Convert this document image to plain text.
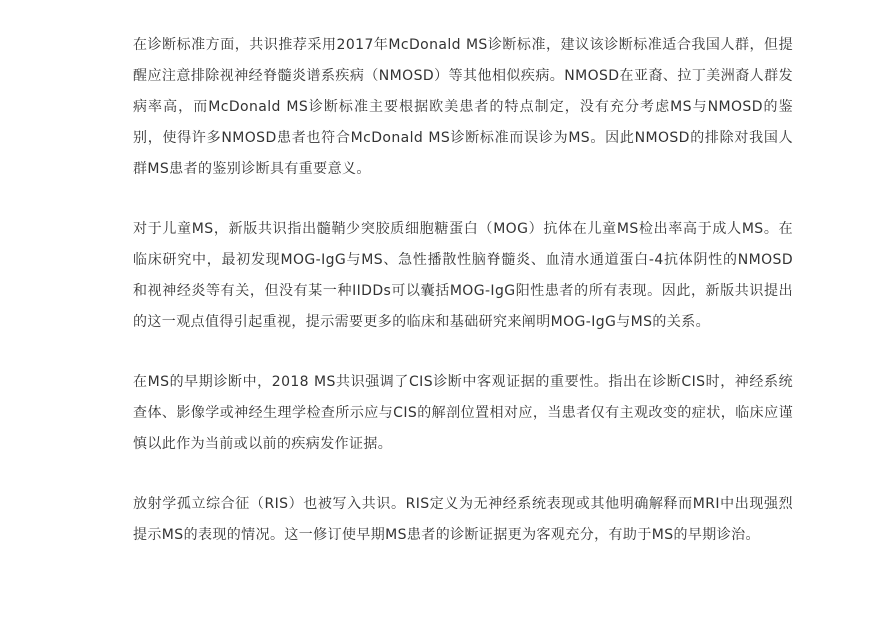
在诊断标准方面，共识推荐采用2017年McDonald MS诊断标准，建议该诊断标准适合我国人群，但提醒应注意排除视神经脊髓炎谱系疾病（NMOSD）等其他相似疾病。NMOSD在亚裔、拉丁美洲裔人群发病率高，而McDonald MS诊断标准主要根据欧美患者的特点制定，没有充分考虑MS与NMOSD的鉴别，使得许多NMOSD患者也符合McDonald MS诊断标准而误诊为MS。因此NMOSD的排除对我国人群MS患者的鉴别诊断具有重要意义。

对于儿童MS，新版共识指出髓鞘少突胶质细胞糖蛋白（MOG）抗体在儿童MS检出率高于成人MS。在临床研究中，最初发现MOG-IgG与MS、急性播散性脑脊髓炎、血清水通道蛋白-4抗体阴性的NMOSD和视神经炎等有关，但没有某一种IIDDs可以囊括MOG-IgG阳性患者的所有表现。因此，新版共识提出的这一观点值得引起重视，提示需要更多的临床和基础研究来阐明MOG-IgG与MS的关系。

在MS的早期诊断中，2018 MS共识强调了CIS诊断中客观证据的重要性。指出在诊断CIS时，神经系统查体、影像学或神经生理学检查所示应与CIS的解剖位置相对应，当患者仅有主观改变的症状，临床应谨慎以此作为当前或以前的疾病发作证据。

放射学孤立综合征（RIS）也被写入共识。RIS定义为无神经系统表现或其他明确解释而MRI中出现强烈提示MS的表现的情况。这一修订使早期MS患者的诊断证据更为客观充分，有助于MS的早期诊治。
